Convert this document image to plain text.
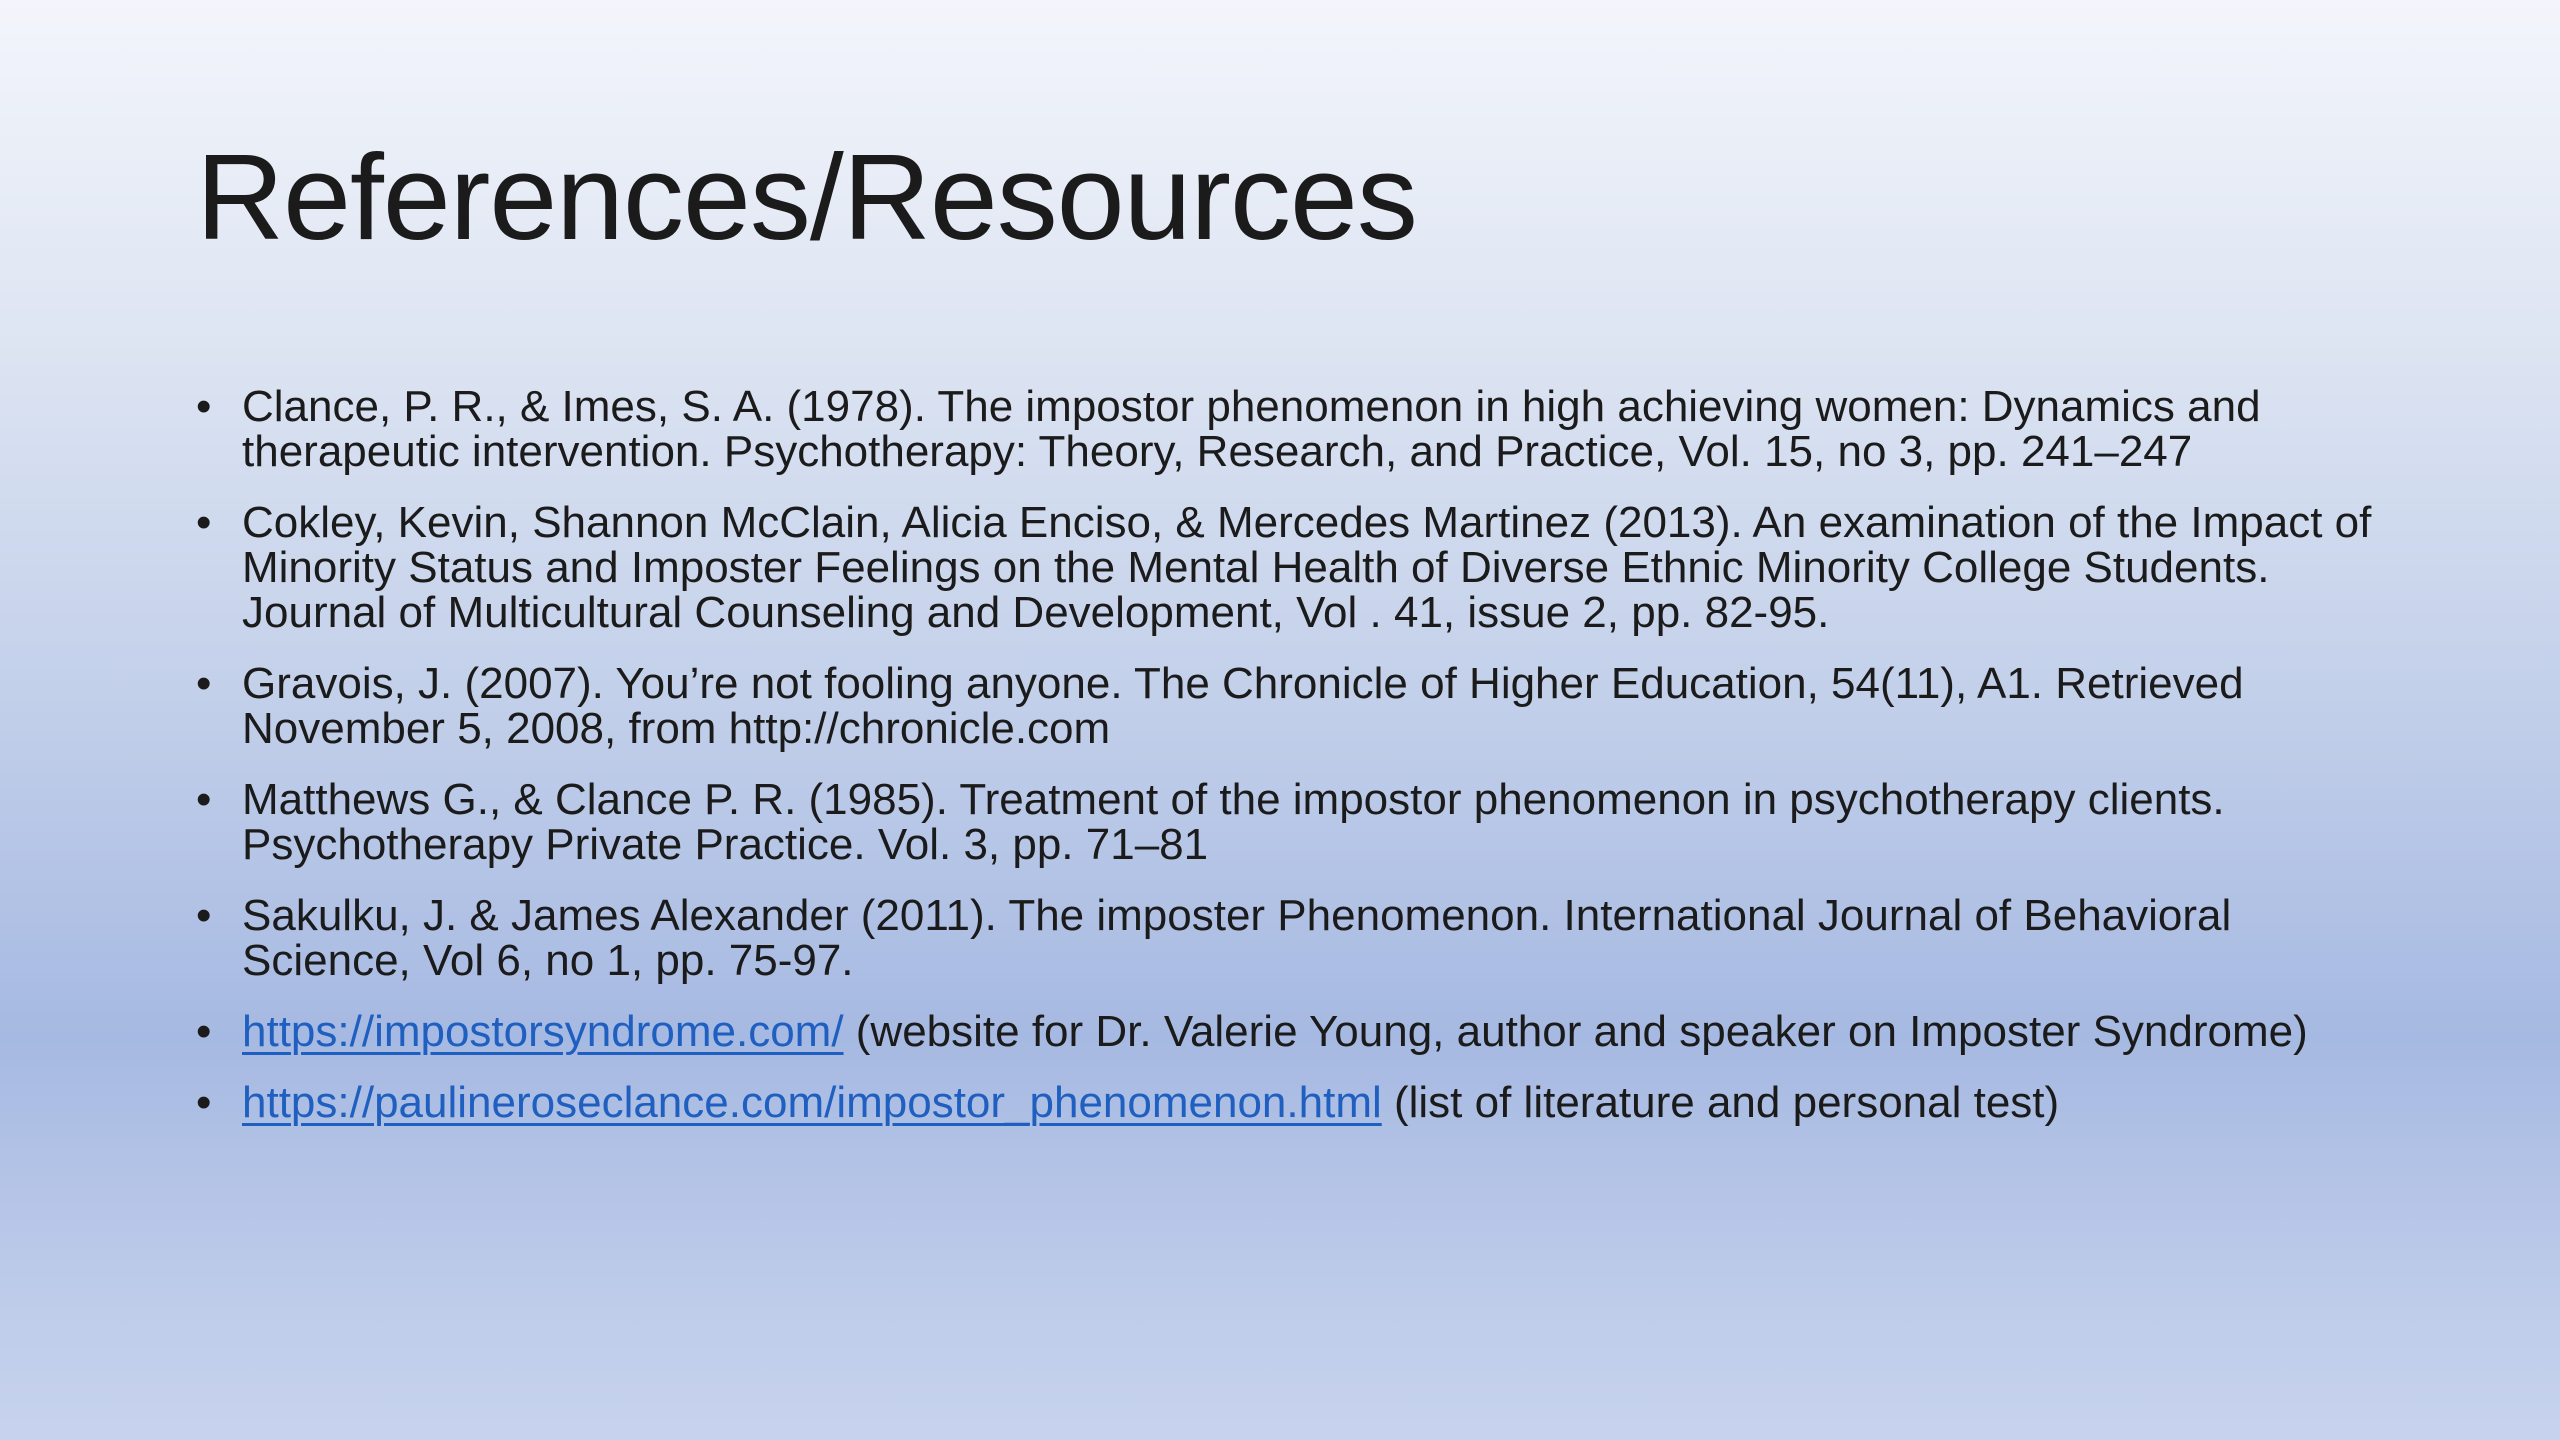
References/Resources
• Clance, P. R., & Imes, S. A. (1978). The impostor phenomenon in high achieving women: Dynamics and therapeutic intervention. Psychotherapy: Theory, Research, and Practice, Vol. 15, no 3, pp. 241–247
• Cokley, Kevin, Shannon McClain, Alicia Enciso, & Mercedes Martinez (2013). An examination of the Impact of Minority Status and Imposter Feelings on the Mental Health of Diverse Ethnic Minority College Students. Journal of Multicultural Counseling and Development, Vol . 41, issue 2, pp. 82-95.
• Gravois, J. (2007). You’re not fooling anyone. The Chronicle of Higher Education, 54(11), A1. Retrieved November 5, 2008, from http://chronicle.com
• Matthews G., & Clance P. R. (1985). Treatment of the impostor phenomenon in psychotherapy clients. Psychotherapy Private Practice. Vol. 3, pp. 71–81
• Sakulku, J. & James Alexander (2011). The imposter Phenomenon. International Journal of Behavioral Science, Vol 6, no 1, pp. 75-97.
• https://impostorsyndrome.com/ (website for Dr. Valerie Young, author and speaker on Imposter Syndrome)
• https://paulineroseclance.com/impostor_phenomenon.html (list of literature and personal test)
